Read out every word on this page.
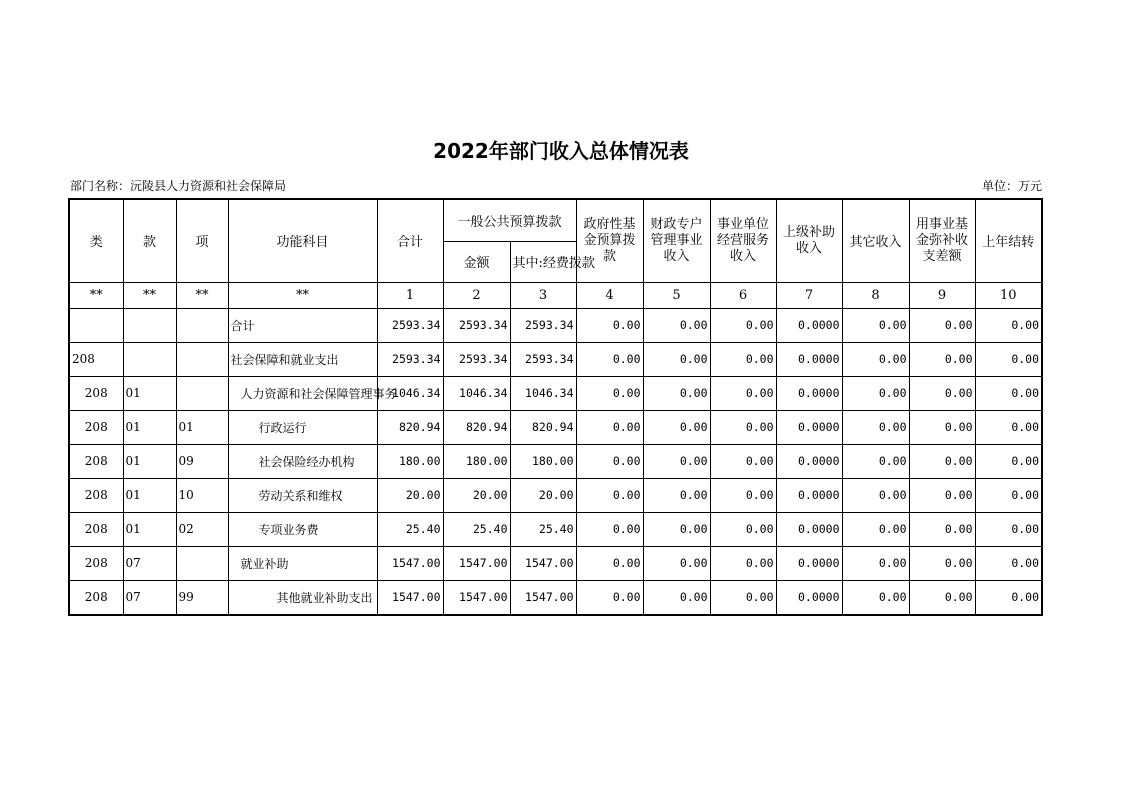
2022年部门收入总体情况表
部门名称：沅陵县人力资源和社会保障局	单位：万元
类	款	项	功能科目	合计	一般公共预算拨款		政府性基金预算拨款	财政专户管理事业收入	事业单位经营服务收入	上级补助收入	其它收入	用事业基金弥补收支差额	上年结转
					金额	其中:经费拨款							
**	**	**	**	1	2	3	4	5	6	7	8	9	10
			合计	2593.34	2593.34	2593.34	0.00	0.00	0.00	0.0000	0.00	0.00	0.00
208			社会保障和就业支出	2593.34	2593.34	2593.34	0.00	0.00	0.00	0.0000	0.00	0.00	0.00
208	01		人力资源和社会保障管理事务	1046.34	1046.34	1046.34	0.00	0.00	0.00	0.0000	0.00	0.00	0.00
208	01	01	行政运行	820.94	820.94	820.94	0.00	0.00	0.00	0.0000	0.00	0.00	0.00
208	01	09	社会保险经办机构	180.00	180.00	180.00	0.00	0.00	0.00	0.0000	0.00	0.00	0.00
208	01	10	劳动关系和维权	20.00	20.00	20.00	0.00	0.00	0.00	0.0000	0.00	0.00	0.00
208	01	02	专项业务费	25.40	25.40	25.40	0.00	0.00	0.00	0.0000	0.00	0.00	0.00
208	07		就业补助	1547.00	1547.00	1547.00	0.00	0.00	0.00	0.0000	0.00	0.00	0.00
208	07	99	其他就业补助支出	1547.00	1547.00	1547.00	0.00	0.00	0.00	0.0000	0.00	0.00	0.00
